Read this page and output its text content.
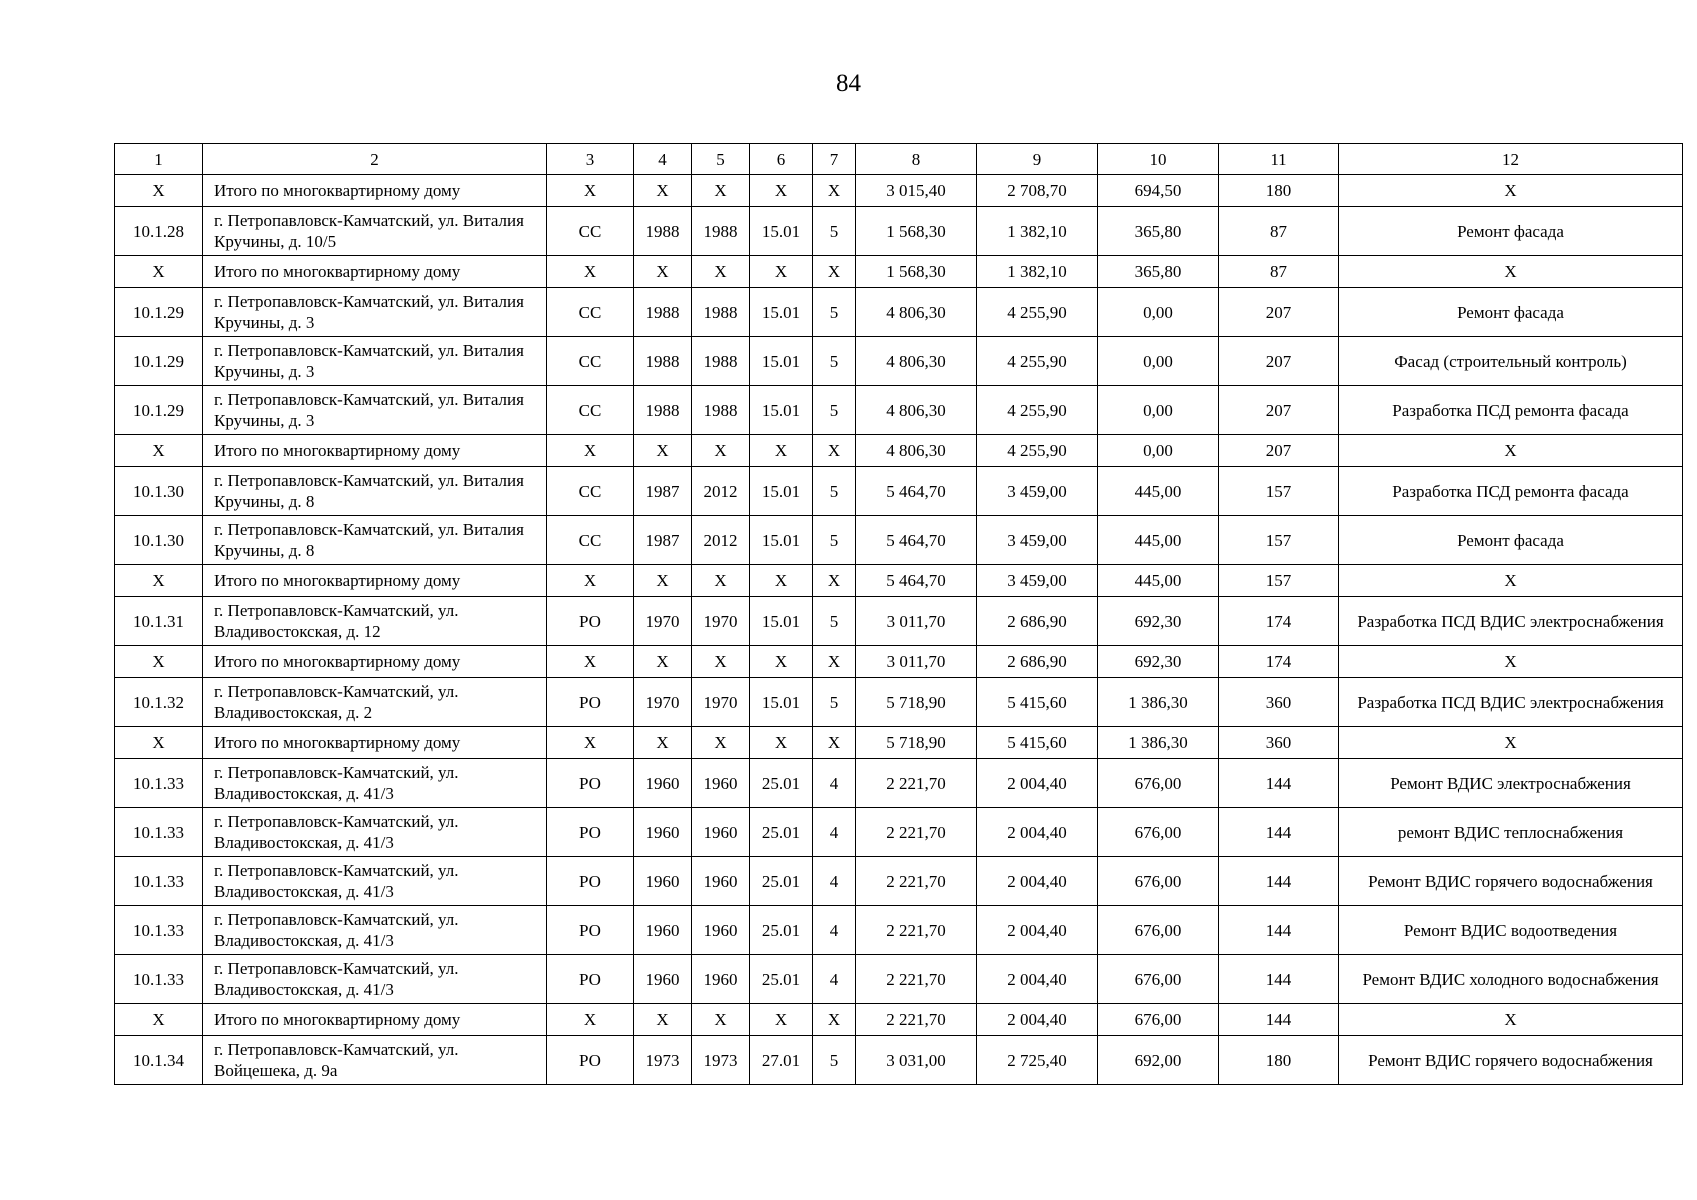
84
1	2	3	4	5	6	7	8	9	10	11	12
Х	Итого по многоквартирному дому	Х	Х	Х	Х	Х	3 015,40	2 708,70	694,50	180	Х
10.1.28	г. Петропавловск-Камчатский, ул. Виталия Кручины, д. 10/5	СС	1988	1988	15.01	5	1 568,30	1 382,10	365,80	87	Ремонт фасада
Х	Итого по многоквартирному дому	Х	Х	Х	Х	Х	1 568,30	1 382,10	365,80	87	Х
10.1.29	г. Петропавловск-Камчатский, ул. Виталия Кручины, д. 3	СС	1988	1988	15.01	5	4 806,30	4 255,90	0,00	207	Ремонт фасада
10.1.29	г. Петропавловск-Камчатский, ул. Виталия Кручины, д. 3	СС	1988	1988	15.01	5	4 806,30	4 255,90	0,00	207	Фасад (строительный контроль)
10.1.29	г. Петропавловск-Камчатский, ул. Виталия Кручины, д. 3	СС	1988	1988	15.01	5	4 806,30	4 255,90	0,00	207	Разработка ПСД ремонта фасада
Х	Итого по многоквартирному дому	Х	Х	Х	Х	Х	4 806,30	4 255,90	0,00	207	Х
10.1.30	г. Петропавловск-Камчатский, ул. Виталия Кручины, д. 8	СС	1987	2012	15.01	5	5 464,70	3 459,00	445,00	157	Разработка ПСД ремонта фасада
10.1.30	г. Петропавловск-Камчатский, ул. Виталия Кручины, д. 8	СС	1987	2012	15.01	5	5 464,70	3 459,00	445,00	157	Ремонт фасада
Х	Итого по многоквартирному дому	Х	Х	Х	Х	Х	5 464,70	3 459,00	445,00	157	Х
10.1.31	г. Петропавловск-Камчатский, ул. Владивостокская, д. 12	РО	1970	1970	15.01	5	3 011,70	2 686,90	692,30	174	Разработка ПСД ВДИС электроснабжения
Х	Итого по многоквартирному дому	Х	Х	Х	Х	Х	3 011,70	2 686,90	692,30	174	Х
10.1.32	г. Петропавловск-Камчатский, ул. Владивостокская, д. 2	РО	1970	1970	15.01	5	5 718,90	5 415,60	1 386,30	360	Разработка ПСД ВДИС электроснабжения
Х	Итого по многоквартирному дому	Х	Х	Х	Х	Х	5 718,90	5 415,60	1 386,30	360	Х
10.1.33	г. Петропавловск-Камчатский, ул. Владивостокская, д. 41/3	РО	1960	1960	25.01	4	2 221,70	2 004,40	676,00	144	Ремонт ВДИС электроснабжения
10.1.33	г. Петропавловск-Камчатский, ул. Владивостокская, д. 41/3	РО	1960	1960	25.01	4	2 221,70	2 004,40	676,00	144	ремонт ВДИС теплоснабжения
10.1.33	г. Петропавловск-Камчатский, ул. Владивостокская, д. 41/3	РО	1960	1960	25.01	4	2 221,70	2 004,40	676,00	144	Ремонт ВДИС горячего водоснабжения
10.1.33	г. Петропавловск-Камчатский, ул. Владивостокская, д. 41/3	РО	1960	1960	25.01	4	2 221,70	2 004,40	676,00	144	Ремонт ВДИС водоотведения
10.1.33	г. Петропавловск-Камчатский, ул. Владивостокская, д. 41/3	РО	1960	1960	25.01	4	2 221,70	2 004,40	676,00	144	Ремонт ВДИС холодного водоснабжения
Х	Итого по многоквартирному дому	Х	Х	Х	Х	Х	2 221,70	2 004,40	676,00	144	Х
10.1.34	г. Петропавловск-Камчатский, ул. Войцешека, д. 9а	РО	1973	1973	27.01	5	3 031,00	2 725,40	692,00	180	Ремонт ВДИС горячего водоснабжения
